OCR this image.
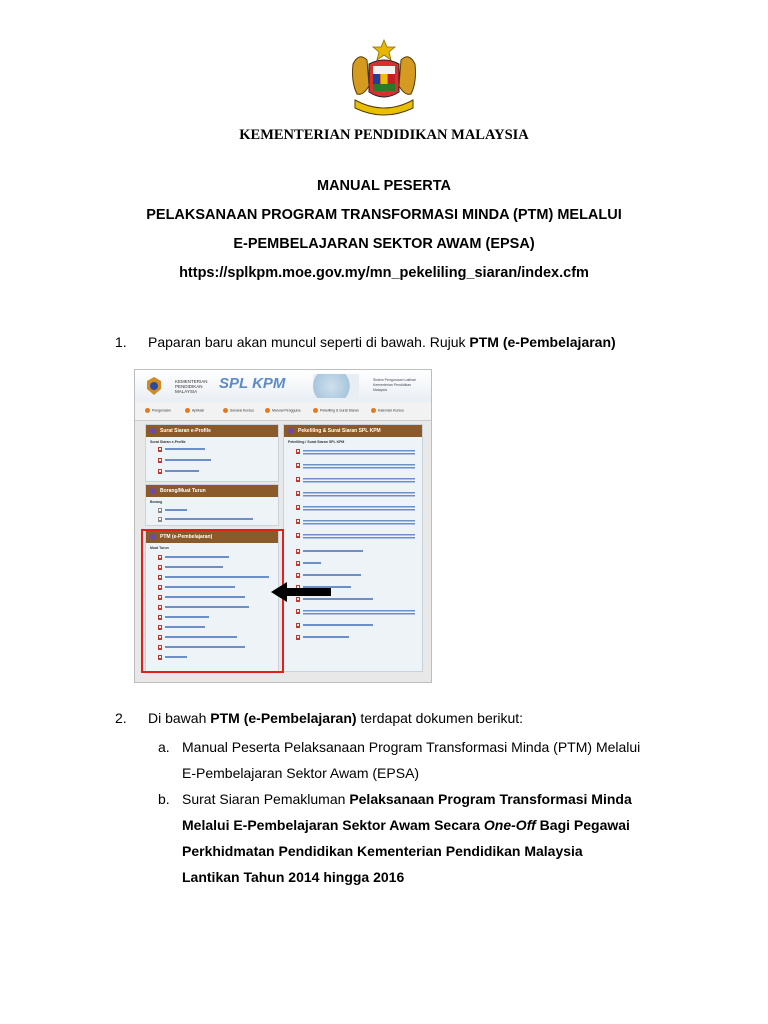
KEMENTERIAN PENDIDIKAN MALAYSIA
MANUAL PESERTA
PELAKSANAAN PROGRAM TRANSFORMASI MINDA (PTM) MELALUI
E-PEMBELAJARAN SEKTOR AWAM (EPSA)
https://splkpm.moe.gov.my/mn_pekeliling_siaran/index.cfm
1. Paparan baru akan muncul seperti di bawah. Rujuk PTM (e-Pembelajaran)
KEMENTERIAN PENDIDIKAN MALAYSIA	SPL KPM	Sistem Pengurusan Latihan Kementerian Pendidikan Malaysia
Pengenalan	Aplikasi	Senarai Kursus	Manual Pengguna	Pekeliling & Surat Siaran	Kalendar Kursus
Surat Siaran e-Profile
Surat Siaran e-Profile
Borang/Muat Turun
Borang
PTM (e-Pembelajaran)
Muat Turun
Pekeliling & Surat Siaran SPL KPM
Pekeliling / Surat Siaran SPL KPM
2. Di bawah PTM (e-Pembelajaran) terdapat dokumen berikut:
a. Manual Peserta Pelaksanaan Program Transformasi Minda (PTM) Melalui
E-Pembelajaran Sektor Awam (EPSA)
b. Surat Siaran Pemakluman Pelaksanaan Program Transformasi Minda
Melalui E-Pembelajaran Sektor Awam Secara One-Off Bagi Pegawai
Perkhidmatan Pendidikan Kementerian Pendidikan Malaysia
Lantikan Tahun 2014 hingga 2016
